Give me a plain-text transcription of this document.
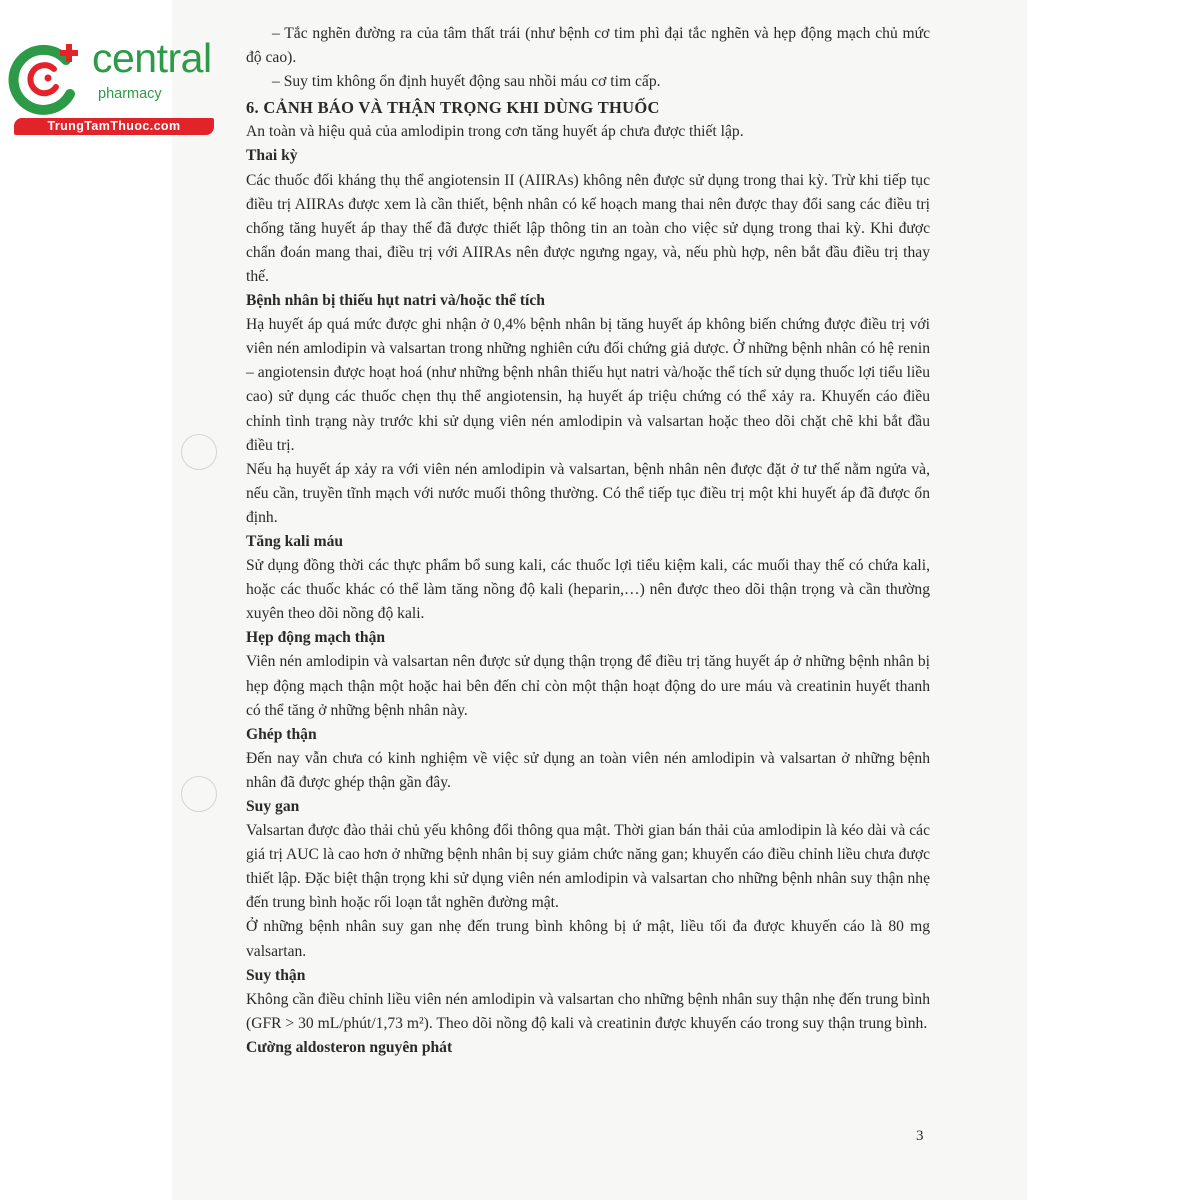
central
pharmacy
TrungTamThuoc.com

– Tắc nghẽn đường ra của tâm thất trái (như bệnh cơ tim phì đại tắc nghẽn và hẹp động mạch chủ mức độ cao).

– Suy tim không ổn định huyết động sau nhồi máu cơ tim cấp.

6. CẢNH BÁO VÀ THẬN TRỌNG KHI DÙNG THUỐC

An toàn và hiệu quả của amlodipin trong cơn tăng huyết áp chưa được thiết lập.

Thai kỳ

Các thuốc đối kháng thụ thể angiotensin II (AIIRAs) không nên được sử dụng trong thai kỳ. Trừ khi tiếp tục điều trị AIIRAs được xem là cần thiết, bệnh nhân có kế hoạch mang thai nên được thay đổi sang các điều trị chống tăng huyết áp thay thế đã được thiết lập thông tin an toàn cho việc sử dụng trong thai kỳ. Khi được chẩn đoán mang thai, điều trị với AIIRAs nên được ngưng ngay, và, nếu phù hợp, nên bắt đầu điều trị thay thế.

Bệnh nhân bị thiếu hụt natri và/hoặc thể tích

Hạ huyết áp quá mức được ghi nhận ở 0,4% bệnh nhân bị tăng huyết áp không biến chứng được điều trị với viên nén amlodipin và valsartan trong những nghiên cứu đối chứng giả dược. Ở những bệnh nhân có hệ renin – angiotensin được hoạt hoá (như những bệnh nhân thiếu hụt natri và/hoặc thể tích sử dụng thuốc lợi tiểu liều cao) sử dụng các thuốc chẹn thụ thể angiotensin, hạ huyết áp triệu chứng có thể xảy ra. Khuyến cáo điều chỉnh tình trạng này trước khi sử dụng viên nén amlodipin và valsartan hoặc theo dõi chặt chẽ khi bắt đầu điều trị.

Nếu hạ huyết áp xảy ra với viên nén amlodipin và valsartan, bệnh nhân nên được đặt ở tư thế nằm ngửa và, nếu cần, truyền tĩnh mạch với nước muối thông thường. Có thể tiếp tục điều trị một khi huyết áp đã được ổn định.

Tăng kali máu

Sử dụng đồng thời các thực phẩm bổ sung kali, các thuốc lợi tiểu kiệm kali, các muối thay thế có chứa kali, hoặc các thuốc khác có thể làm tăng nồng độ kali (heparin,…) nên được theo dõi thận trọng và cần thường xuyên theo dõi nồng độ kali.

Hẹp động mạch thận

Viên nén amlodipin và valsartan nên được sử dụng thận trọng để điều trị tăng huyết áp ở những bệnh nhân bị hẹp động mạch thận một hoặc hai bên đến chỉ còn một thận hoạt động do ure máu và creatinin huyết thanh có thể tăng ở những bệnh nhân này.

Ghép thận

Đến nay vẫn chưa có kinh nghiệm về việc sử dụng an toàn viên nén amlodipin và valsartan ở những bệnh nhân đã được ghép thận gần đây.

Suy gan

Valsartan được đào thải chủ yếu không đổi thông qua mật. Thời gian bán thải của amlodipin là kéo dài và các giá trị AUC là cao hơn ở những bệnh nhân bị suy giảm chức năng gan; khuyến cáo điều chỉnh liều chưa được thiết lập. Đặc biệt thận trọng khi sử dụng viên nén amlodipin và valsartan cho những bệnh nhân suy thận nhẹ đến trung bình hoặc rối loạn tắt nghẽn đường mật.

Ở những bệnh nhân suy gan nhẹ đến trung bình không bị ứ mật, liều tối đa được khuyến cáo là 80 mg valsartan.

Suy thận

Không cần điều chỉnh liều viên nén amlodipin và valsartan cho những bệnh nhân suy thận nhẹ đến trung bình (GFR > 30 mL/phút/1,73 m²). Theo dõi nồng độ kali và creatinin được khuyến cáo trong suy thận trung bình.

Cường aldosteron nguyên phát

3
